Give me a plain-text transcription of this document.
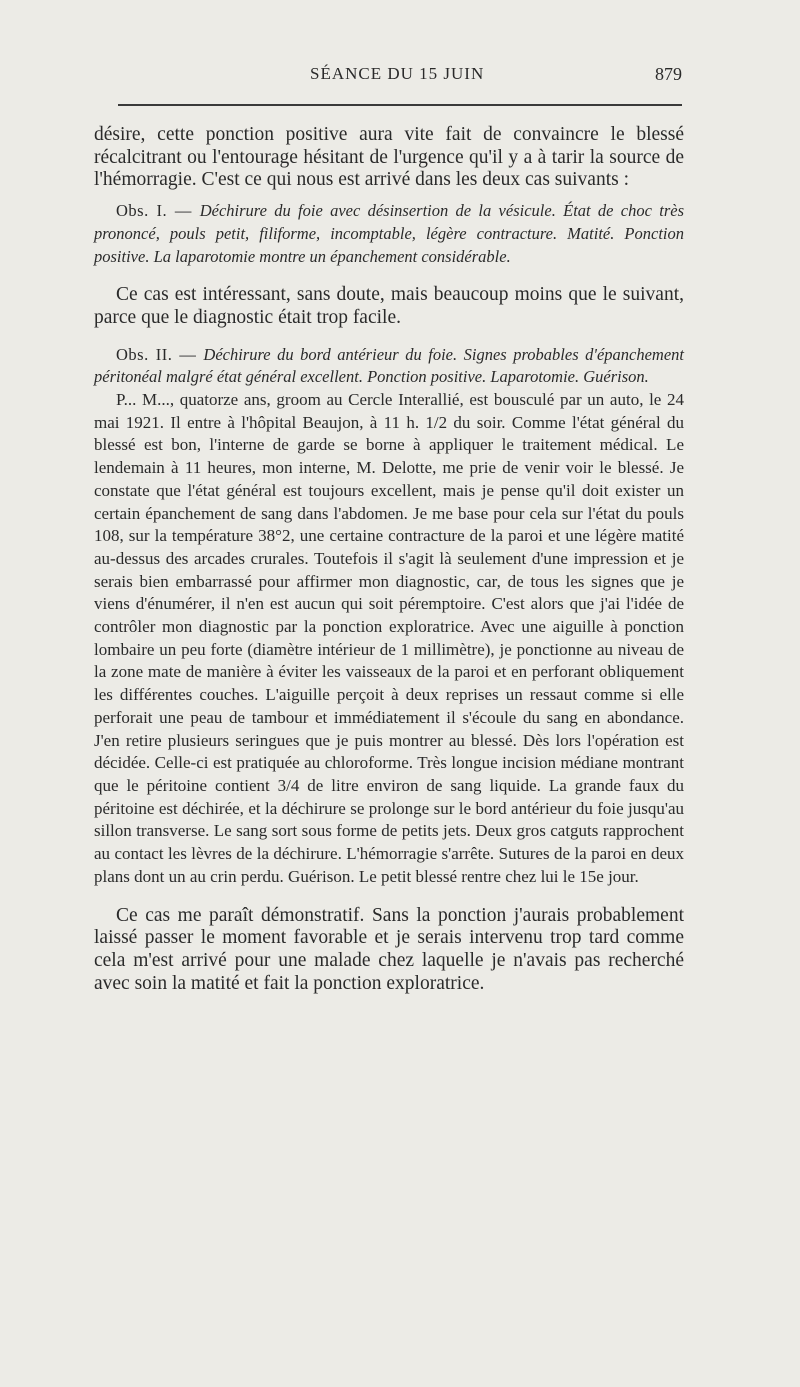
SÉANCE DU 15 JUIN	879

désire, cette ponction positive aura vite fait de convaincre le blessé récalcitrant ou l'entourage hésitant de l'urgence qu'il y a à tarir la source de l'hémorragie. C'est ce qui nous est arrivé dans les deux cas suivants :

Obs. I. — Déchirure du foie avec désinsertion de la vésicule. État de choc très prononcé, pouls petit, filiforme, incomptable, légère contracture. Matité. Ponction positive. La laparotomie montre un épanchement considérable.

Ce cas est intéressant, sans doute, mais beaucoup moins que le suivant, parce que le diagnostic était trop facile.

Obs. II. — Déchirure du bord antérieur du foie. Signes probables d'épanchement péritonéal malgré état général excellent. Ponction positive. Laparotomie. Guérison.

P... M..., quatorze ans, groom au Cercle Interallié, est bousculé par un auto, le 24 mai 1921. Il entre à l'hôpital Beaujon, à 11 h. 1/2 du soir. Comme l'état général du blessé est bon, l'interne de garde se borne à appliquer le traitement médical. Le lendemain à 11 heures, mon interne, M. Delotte, me prie de venir voir le blessé. Je constate que l'état général est toujours excellent, mais je pense qu'il doit exister un certain épanchement de sang dans l'abdomen. Je me base pour cela sur l'état du pouls 108, sur la température 38°2, une certaine contracture de la paroi et une légère matité au-dessus des arcades crurales. Toutefois il s'agit là seulement d'une impression et je serais bien embarrassé pour affirmer mon diagnostic, car, de tous les signes que je viens d'énumérer, il n'en est aucun qui soit péremptoire. C'est alors que j'ai l'idée de contrôler mon diagnostic par la ponction exploratrice. Avec une aiguille à ponction lombaire un peu forte (diamètre intérieur de 1 millimètre), je ponctionne au niveau de la zone mate de manière à éviter les vaisseaux de la paroi et en perforant obliquement les différentes couches. L'aiguille perçoit à deux reprises un ressaut comme si elle perforait une peau de tambour et immédiatement il s'écoule du sang en abondance. J'en retire plusieurs seringues que je puis montrer au blessé. Dès lors l'opération est décidée. Celle-ci est pratiquée au chloroforme. Très longue incision médiane montrant que le péritoine contient 3/4 de litre environ de sang liquide. La grande faux du péritoine est déchirée, et la déchirure se prolonge sur le bord antérieur du foie jusqu'au sillon transverse. Le sang sort sous forme de petits jets. Deux gros catguts rapprochent au contact les lèvres de la déchirure. L'hémorragie s'arrête. Sutures de la paroi en deux plans dont un au crin perdu. Guérison. Le petit blessé rentre chez lui le 15e jour.

Ce cas me paraît démonstratif. Sans la ponction j'aurais probablement laissé passer le moment favorable et je serais intervenu trop tard comme cela m'est arrivé pour une malade chez laquelle je n'avais pas recherché avec soin la matité et fait la ponction exploratrice.
